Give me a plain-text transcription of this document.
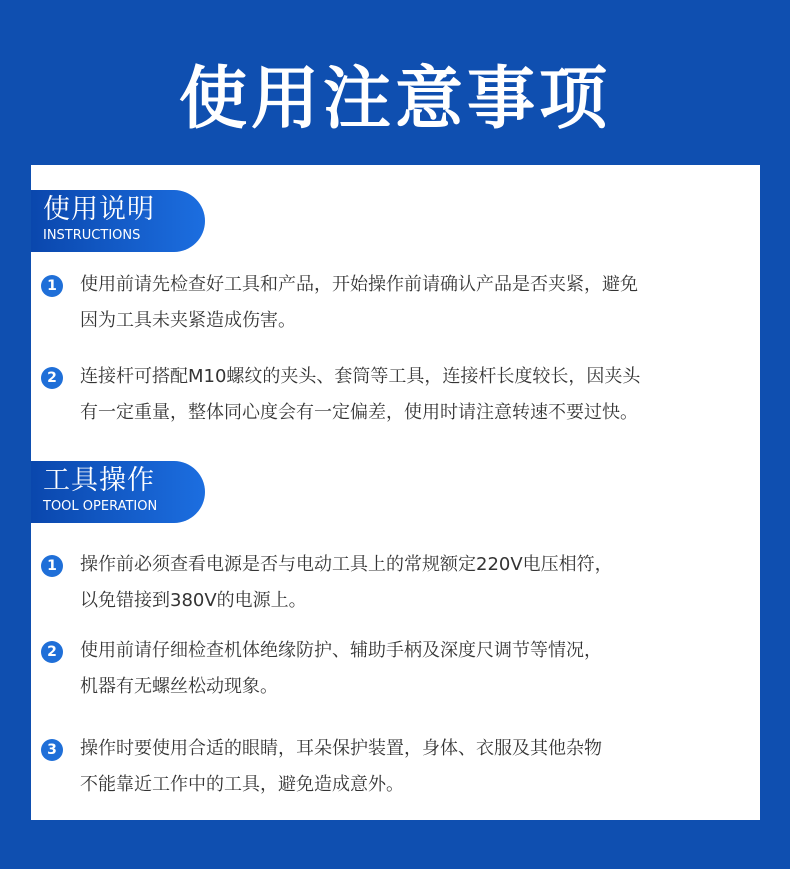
使用注意事项
使用说明
INSTRUCTIONS
1	使用前请先检查好工具和产品，开始操作前请确认产品是否夹紧，避免
因为工具未夹紧造成伤害。
2	连接杆可搭配M10螺纹的夹头、套筒等工具，连接杆长度较长，因夹头
有一定重量，整体同心度会有一定偏差，使用时请注意转速不要过快。
工具操作
TOOL OPERATION
1	操作前必须查看电源是否与电动工具上的常规额定220V电压相符，
以免错接到380V的电源上。
2	使用前请仔细检查机体绝缘防护、辅助手柄及深度尺调节等情况，
机器有无螺丝松动现象。
3	操作时要使用合适的眼睛，耳朵保护装置，身体、衣服及其他杂物
不能靠近工作中的工具，避免造成意外。
